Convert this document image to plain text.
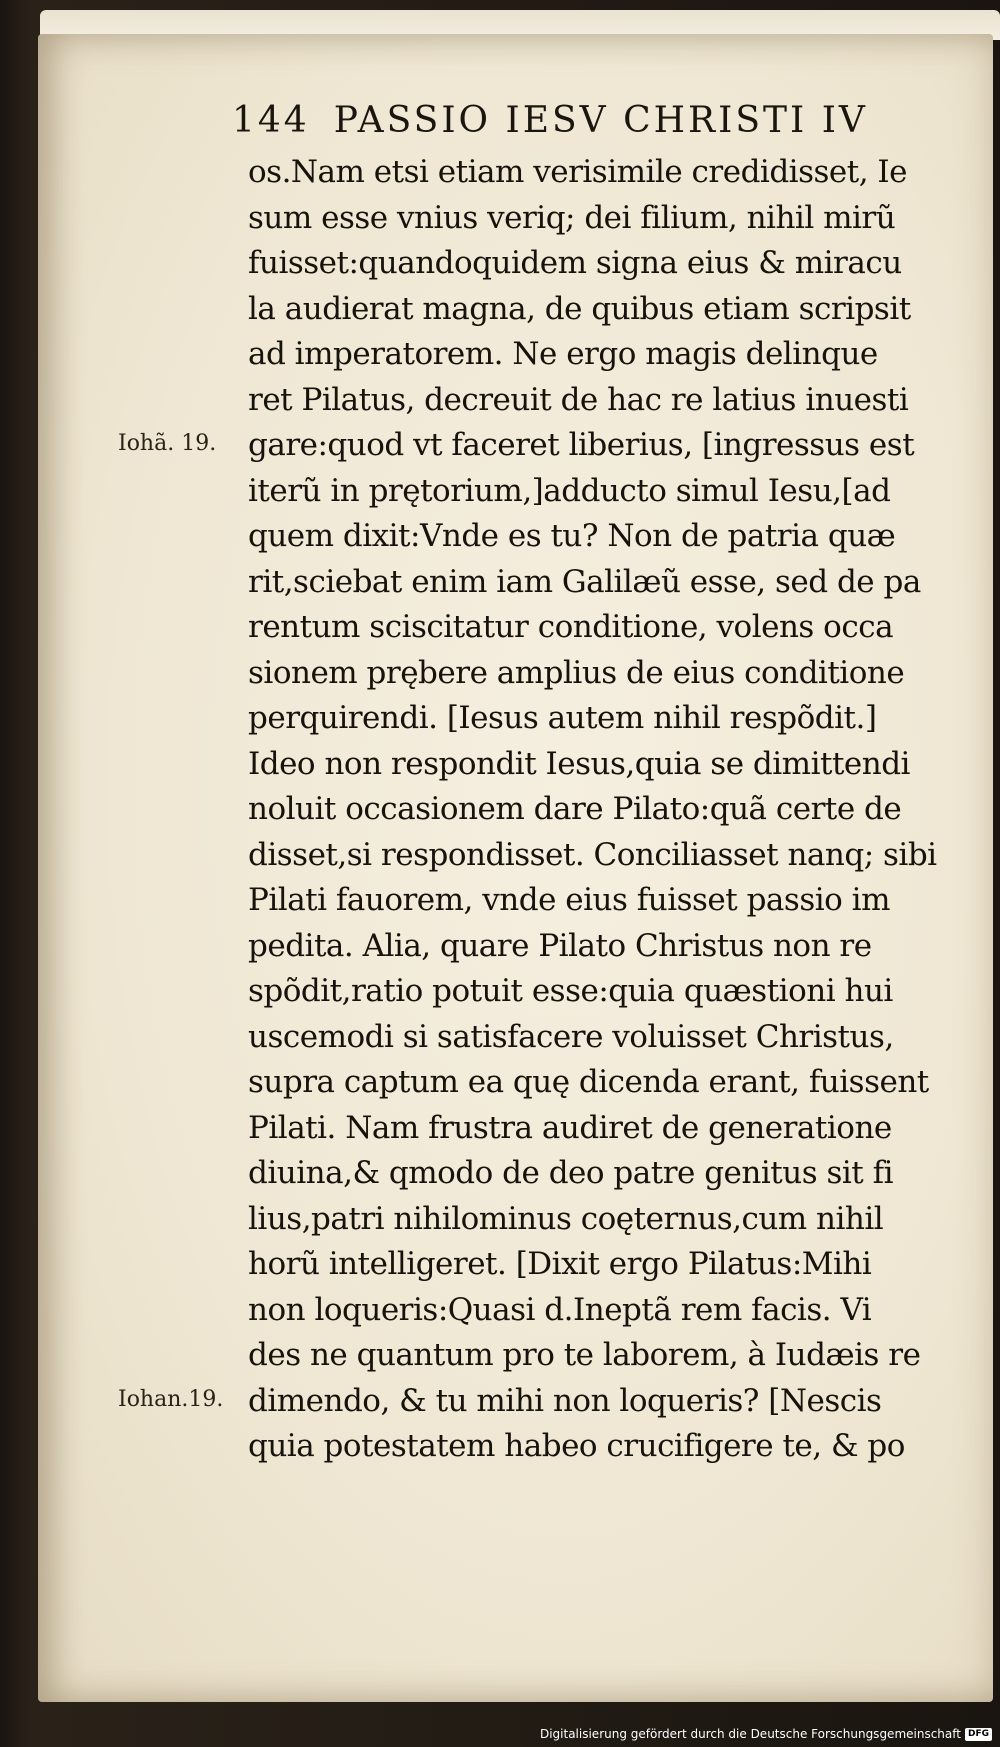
144 PASSIO IESV CHRISTI IV
os.Nam etsi etiam verisimile credidisset, Ie
sum esse vnius veriq; dei filium, nihil mirũ
fuisset:quandoquidem signa eius & miracu
la audierat magna, de quibus etiam scripsit
ad imperatorem. Ne ergo magis delinque
ret Pilatus, decreuit de hac re latius inuesti
gare:quod vt faceret liberius, [ingressus est
iterũ in prętorium,]adducto simul Iesu,[ad
quem dixit:Vnde es tu? Non de patria quæ
rit,sciebat enim iam Galilæũ esse, sed de pa
rentum sciscitatur conditione, volens occa
sionem prębere amplius de eius conditione
perquirendi. [Iesus autem nihil respõdit.]
Ideo non respondit Iesus,quia se dimittendi
noluit occasionem dare Pilato:quã certe de
disset,si respondisset. Conciliasset nanq; sibi
Pilati fauorem, vnde eius fuisset passio im
pedita. Alia, quare Pilato Christus non re
spõdit,ratio potuit esse:quia quæstioni hui
uscemodi si satisfacere voluisset Christus,
supra captum ea quę dicenda erant, fuissent
Pilati. Nam frustra audiret de generatione
diuina,& qmodo de deo patre genitus sit fi
lius,patri nihilominus coęternus,cum nihil
horũ intelligeret. [Dixit ergo Pilatus:Mihi
non loqueris:Quasi d.Ineptã rem facis. Vi
des ne quantum pro te laborem, à Iudæis re
dimendo, & tu mihi non loqueris? [Nescis
quia potestatem habeo crucifigere te, & po
Iohã. 19.
Iohan.19.
Digitalisierung gefördert durch die Deutsche Forschungsgemeinschaft DFG
